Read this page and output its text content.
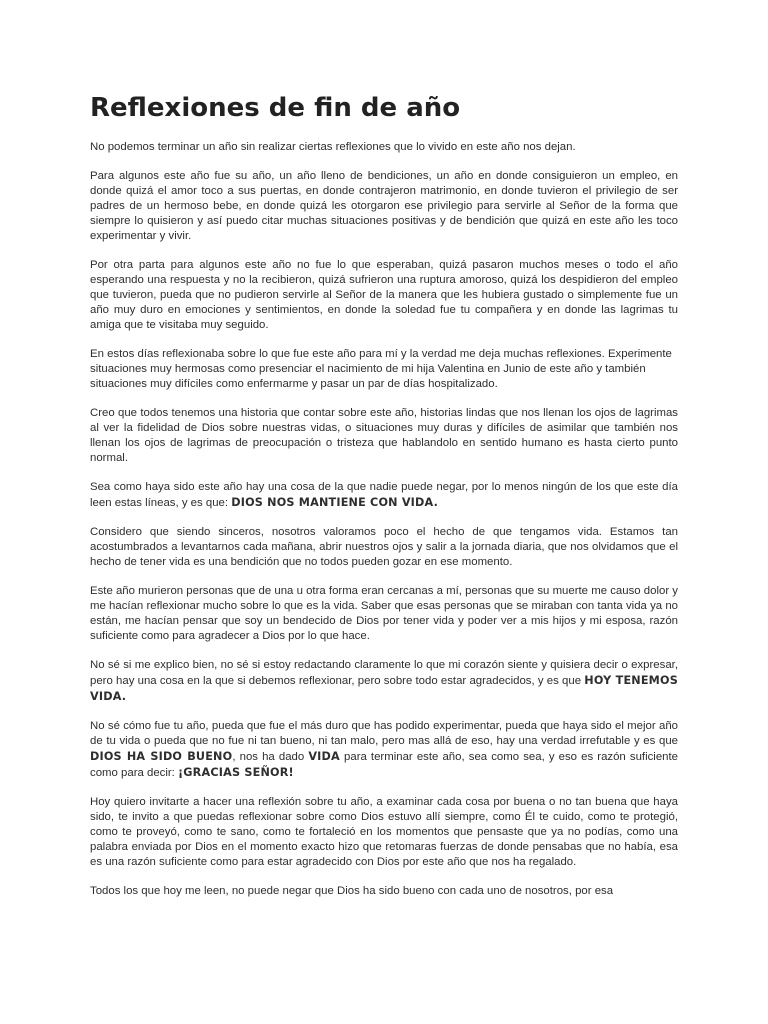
Reflexiones de fin de año

No podemos terminar un año sin realizar ciertas reflexiones que lo vivido en este año nos dejan.

Para algunos este año fue su año, un año lleno de bendiciones, un año en donde consiguieron un empleo, en donde quizá el amor toco a sus puertas, en donde contrajeron matrimonio, en donde tuvieron el privilegio de ser padres de un hermoso bebe, en donde quizá les otorgaron ese privilegio para servirle al Señor de la forma que siempre lo quisieron y así puedo citar muchas situaciones positivas y de bendición que quizá en este año les toco experimentar y vivir.

Por otra parta para algunos este año no fue lo que esperaban, quizá pasaron muchos meses o todo el año esperando una respuesta y no la recibieron, quizá sufrieron una ruptura amoroso, quizá los despidieron del empleo que tuvieron, pueda que no pudieron servirle al Señor de la manera que les hubiera gustado o simplemente fue un año muy duro en emociones y sentimientos, en donde la soledad fue tu compañera y en donde las lagrimas tu amiga que te visitaba muy seguido.

En estos días reflexionaba sobre lo que fue este año para mí y la verdad me deja muchas reflexiones. Experimente situaciones muy hermosas como presenciar el nacimiento de mi hija Valentina en Junio de este año y también situaciones muy difíciles como enfermarme y pasar un par de días hospitalizado.

Creo que todos tenemos una historia que contar sobre este año, historias lindas que nos llenan los ojos de lagrimas al ver la fidelidad de Dios sobre nuestras vidas, o situaciones muy duras y difíciles de asimilar que también nos llenan los ojos de lagrimas de preocupación o tristeza que hablandolo en sentido humano es hasta cierto punto normal.

Sea como haya sido este año hay una cosa de la que nadie puede negar, por lo menos ningún de los que este día leen estas líneas, y es que: DIOS NOS MANTIENE CON VIDA.

Considero que siendo sinceros, nosotros valoramos poco el hecho de que tengamos vida. Estamos tan acostumbrados a levantarnos cada mañana, abrir nuestros ojos y salir a la jornada diaria, que nos olvidamos que el hecho de tener vida es una bendición que no todos pueden gozar en ese momento.

Este año murieron personas que de una u otra forma eran cercanas a mí, personas que su muerte me causo dolor y me hacían reflexionar mucho sobre lo que es la vida. Saber que esas personas que se miraban con tanta vida ya no están, me hacían pensar que soy un bendecido de Dios por tener vida y poder ver a mis hijos y mi esposa, razón suficiente como para agradecer a Dios por lo que hace.

No sé si me explico bien, no sé si estoy redactando claramente lo que mi corazón siente y quisiera decir o expresar, pero hay una cosa en la que si debemos reflexionar, pero sobre todo estar agradecidos, y es que HOY TENEMOS VIDA.

No sé cómo fue tu año, pueda que fue el más duro que has podido experimentar, pueda que haya sido el mejor año de tu vida o pueda que no fue ni tan bueno, ni tan malo, pero mas allá de eso, hay una verdad irrefutable y es que DIOS HA SIDO BUENO, nos ha dado VIDA para terminar este año, sea como sea, y eso es razón suficiente como para decir: ¡GRACIAS SEÑOR!

Hoy quiero invitarte a hacer una reflexión sobre tu año, a examinar cada cosa por buena o no tan buena que haya sido, te invito a que puedas reflexionar sobre como Dios estuvo allí siempre, como Él te cuido, como te protegió, como te proveyó, como te sano, como te fortaleció en los momentos que pensaste que ya no podías, como una palabra enviada por Dios en el momento exacto hizo que retomaras fuerzas de donde pensabas que no había, esa es una razón suficiente como para estar agradecido con Dios por este año que nos ha regalado.

Todos los que hoy me leen, no puede negar que Dios ha sido bueno con cada uno de nosotros, por esa
